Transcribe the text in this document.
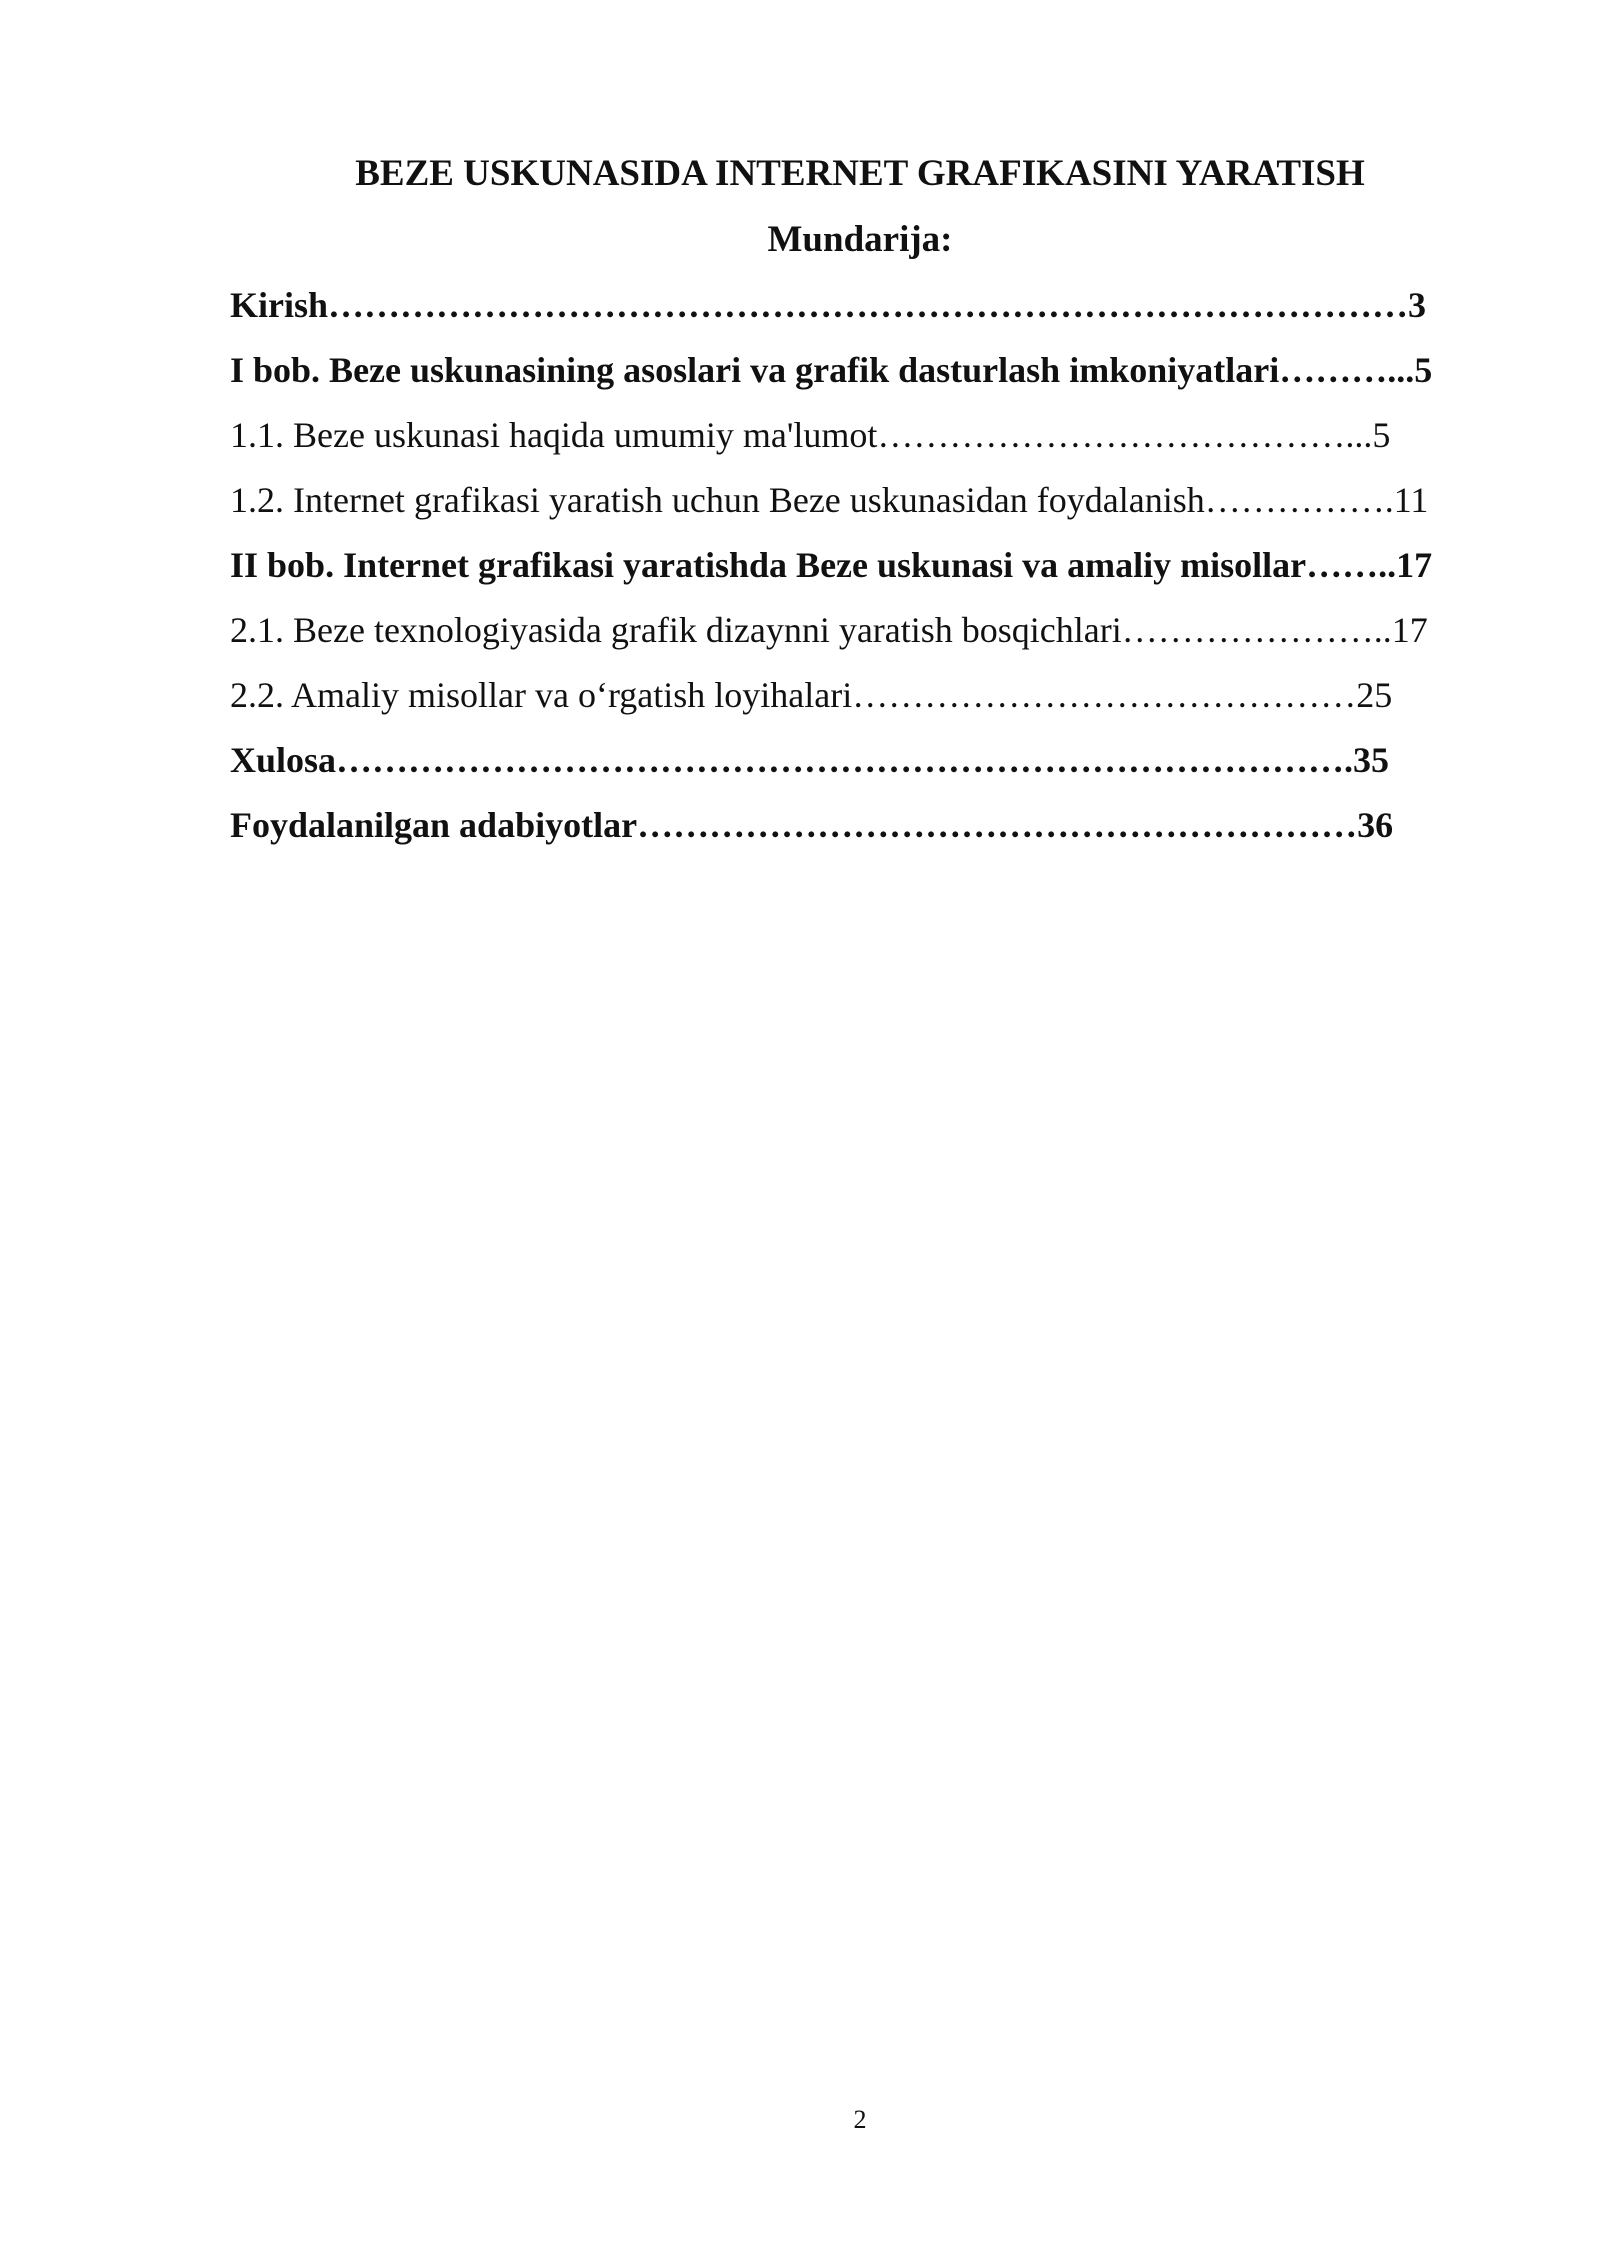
BEZE USKUNASIDA INTERNET GRAFIKASINI YARATISH
Mundarija:
Kirish………………………………………………………………………………3
I bob. Beze uskunasining asoslari va grafik dasturlash imkoniyatlari………...5
1.1. Beze uskunasi haqida umumiy ma'lumot…………………………………...5
1.2. Internet grafikasi yaratish uchun Beze uskunasidan foydalanish…………….11
II bob. Internet grafikasi yaratishda Beze uskunasi va amaliy misollar……..17
2.1. Beze texnologiyasida grafik dizaynni yaratish bosqichlari…………………..17
2.2. Amaliy misollar va o‘rgatish loyihalari……………………………………25
Xulosa………………………………………………………………………….35
Foydalanilgan adabiyotlar……………………………………………………36
2
